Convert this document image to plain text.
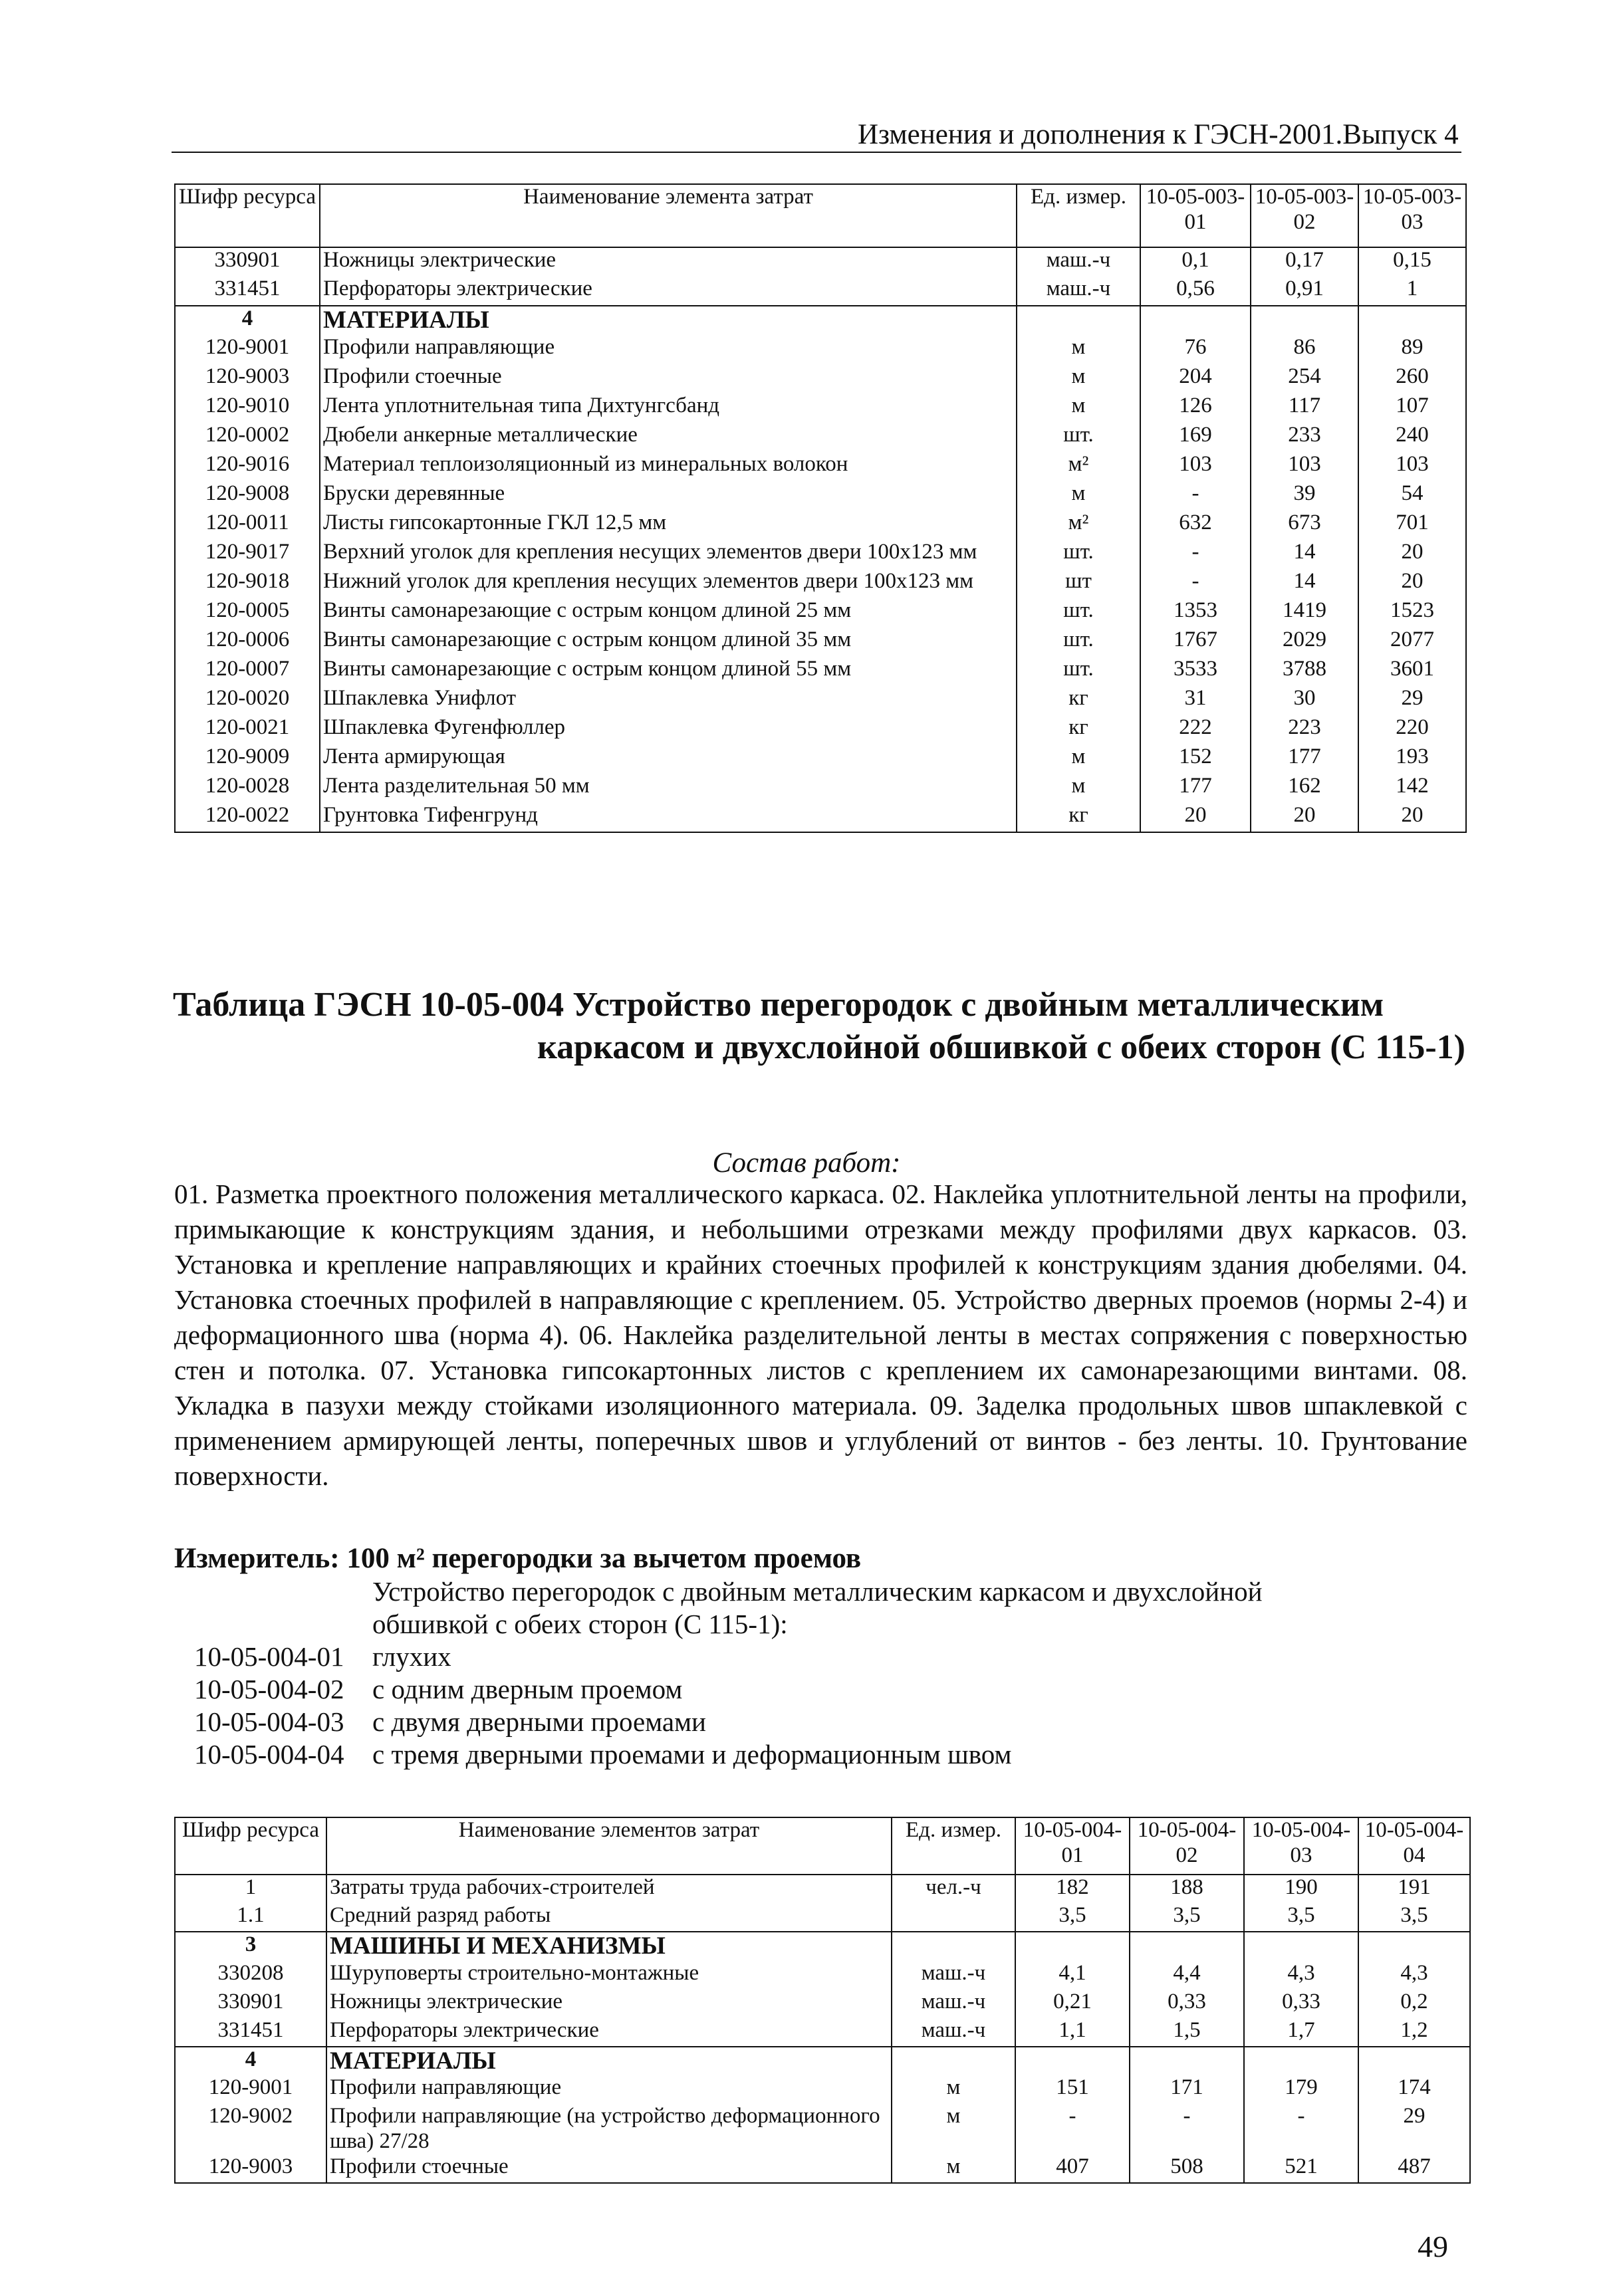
Изменения и дополнения к ГЭСН-2001.Выпуск 4
Шифр ресурса	Наименование элемента затрат	Ед. измер.	10-05-003-01	10-05-003-02	10-05-003-03
330901	Ножницы электрические	маш.-ч	0,1	0,17	0,15
331451	Перфораторы электрические	маш.-ч	0,56	0,91	1
4	МАТЕРИАЛЫ				
120-9001	Профили направляющие	м	76	86	89
120-9003	Профили стоечные	м	204	254	260
120-9010	Лента уплотнительная типа Дихтунгсбанд	м	126	117	107
120-0002	Дюбели анкерные металлические	шт.	169	233	240
120-9016	Материал теплоизоляционный из минеральных волокон	м²	103	103	103
120-9008	Бруски деревянные	м	-	39	54
120-0011	Листы гипсокартонные ГКЛ 12,5 мм	м²	632	673	701
120-9017	Верхний уголок для крепления несущих элементов двери 100х123 мм	шт.	-	14	20
120-9018	Нижний уголок для крепления несущих элементов двери 100х123 мм	шт	-	14	20
120-0005	Винты самонарезающие с острым концом длиной 25 мм	шт.	1353	1419	1523
120-0006	Винты самонарезающие с острым концом длиной 35 мм	шт.	1767	2029	2077
120-0007	Винты самонарезающие с острым концом длиной 55 мм	шт.	3533	3788	3601
120-0020	Шпаклевка Унифлот	кг	31	30	29
120-0021	Шпаклевка Фугенфюллер	кг	222	223	220
120-9009	Лента армирующая	м	152	177	193
120-0028	Лента разделительная 50 мм	м	177	162	142
120-0022	Грунтовка Тифенгрунд	кг	20	20	20
Таблица ГЭСН 10-05-004 Устройство перегородок с двойным металлическим
каркасом и двухслойной обшивкой с обеих сторон (С 115-1)
Состав работ:
01. Разметка проектного положения металлического каркаса. 02. Наклейка уплотнительной ленты на профили, примыкающие к конструкциям здания, и небольшими отрезками между профилями двух каркасов. 03. Установка и крепление направляющих и крайних стоечных профилей к конструкциям здания дюбелями. 04. Установка стоечных профилей в направляющие с креплением. 05. Устройство дверных проемов (нормы 2-4) и деформационного шва (норма 4). 06. Наклейка разделительной ленты в местах сопряжения с поверхностью стен и потолка. 07. Установка гипсокартонных листов с креплением их самонарезающими винтами. 08. Укладка в пазухи между стойками изоляционного материала. 09. Заделка продольных швов шпаклевкой с применением армирующей ленты, поперечных швов и углублений от винтов - без ленты. 10. Грунтование поверхности.
Измеритель: 100 м² перегородки за вычетом проемов
Устройство перегородок с двойным металлическим каркасом и двухслойной обшивкой с обеих сторон (С 115-1):
10-05-004-01 глухих
10-05-004-02 с одним дверным проемом
10-05-004-03 с двумя дверными проемами
10-05-004-04 с тремя дверными проемами и деформационным швом
Шифр ресурса	Наименование элементов затрат	Ед. измер.	10-05-004-01	10-05-004-02	10-05-004-03	10-05-004-04
1	Затраты труда рабочих-строителей	чел.-ч	182	188	190	191
1.1	Средний разряд работы		3,5	3,5	3,5	3,5
3	МАШИНЫ И МЕХАНИЗМЫ					
330208	Шуруповерты строительно-монтажные	маш.-ч	4,1	4,4	4,3	4,3
330901	Ножницы электрические	маш.-ч	0,21	0,33	0,33	0,2
331451	Перфораторы электрические	маш.-ч	1,1	1,5	1,7	1,2
4	МАТЕРИАЛЫ					
120-9001	Профили направляющие	м	151	171	179	174
120-9002	Профили направляющие (на устройство деформационного шва) 27/28	м	-	-	-	29
120-9003	Профили стоечные	м	407	508	521	487
49
